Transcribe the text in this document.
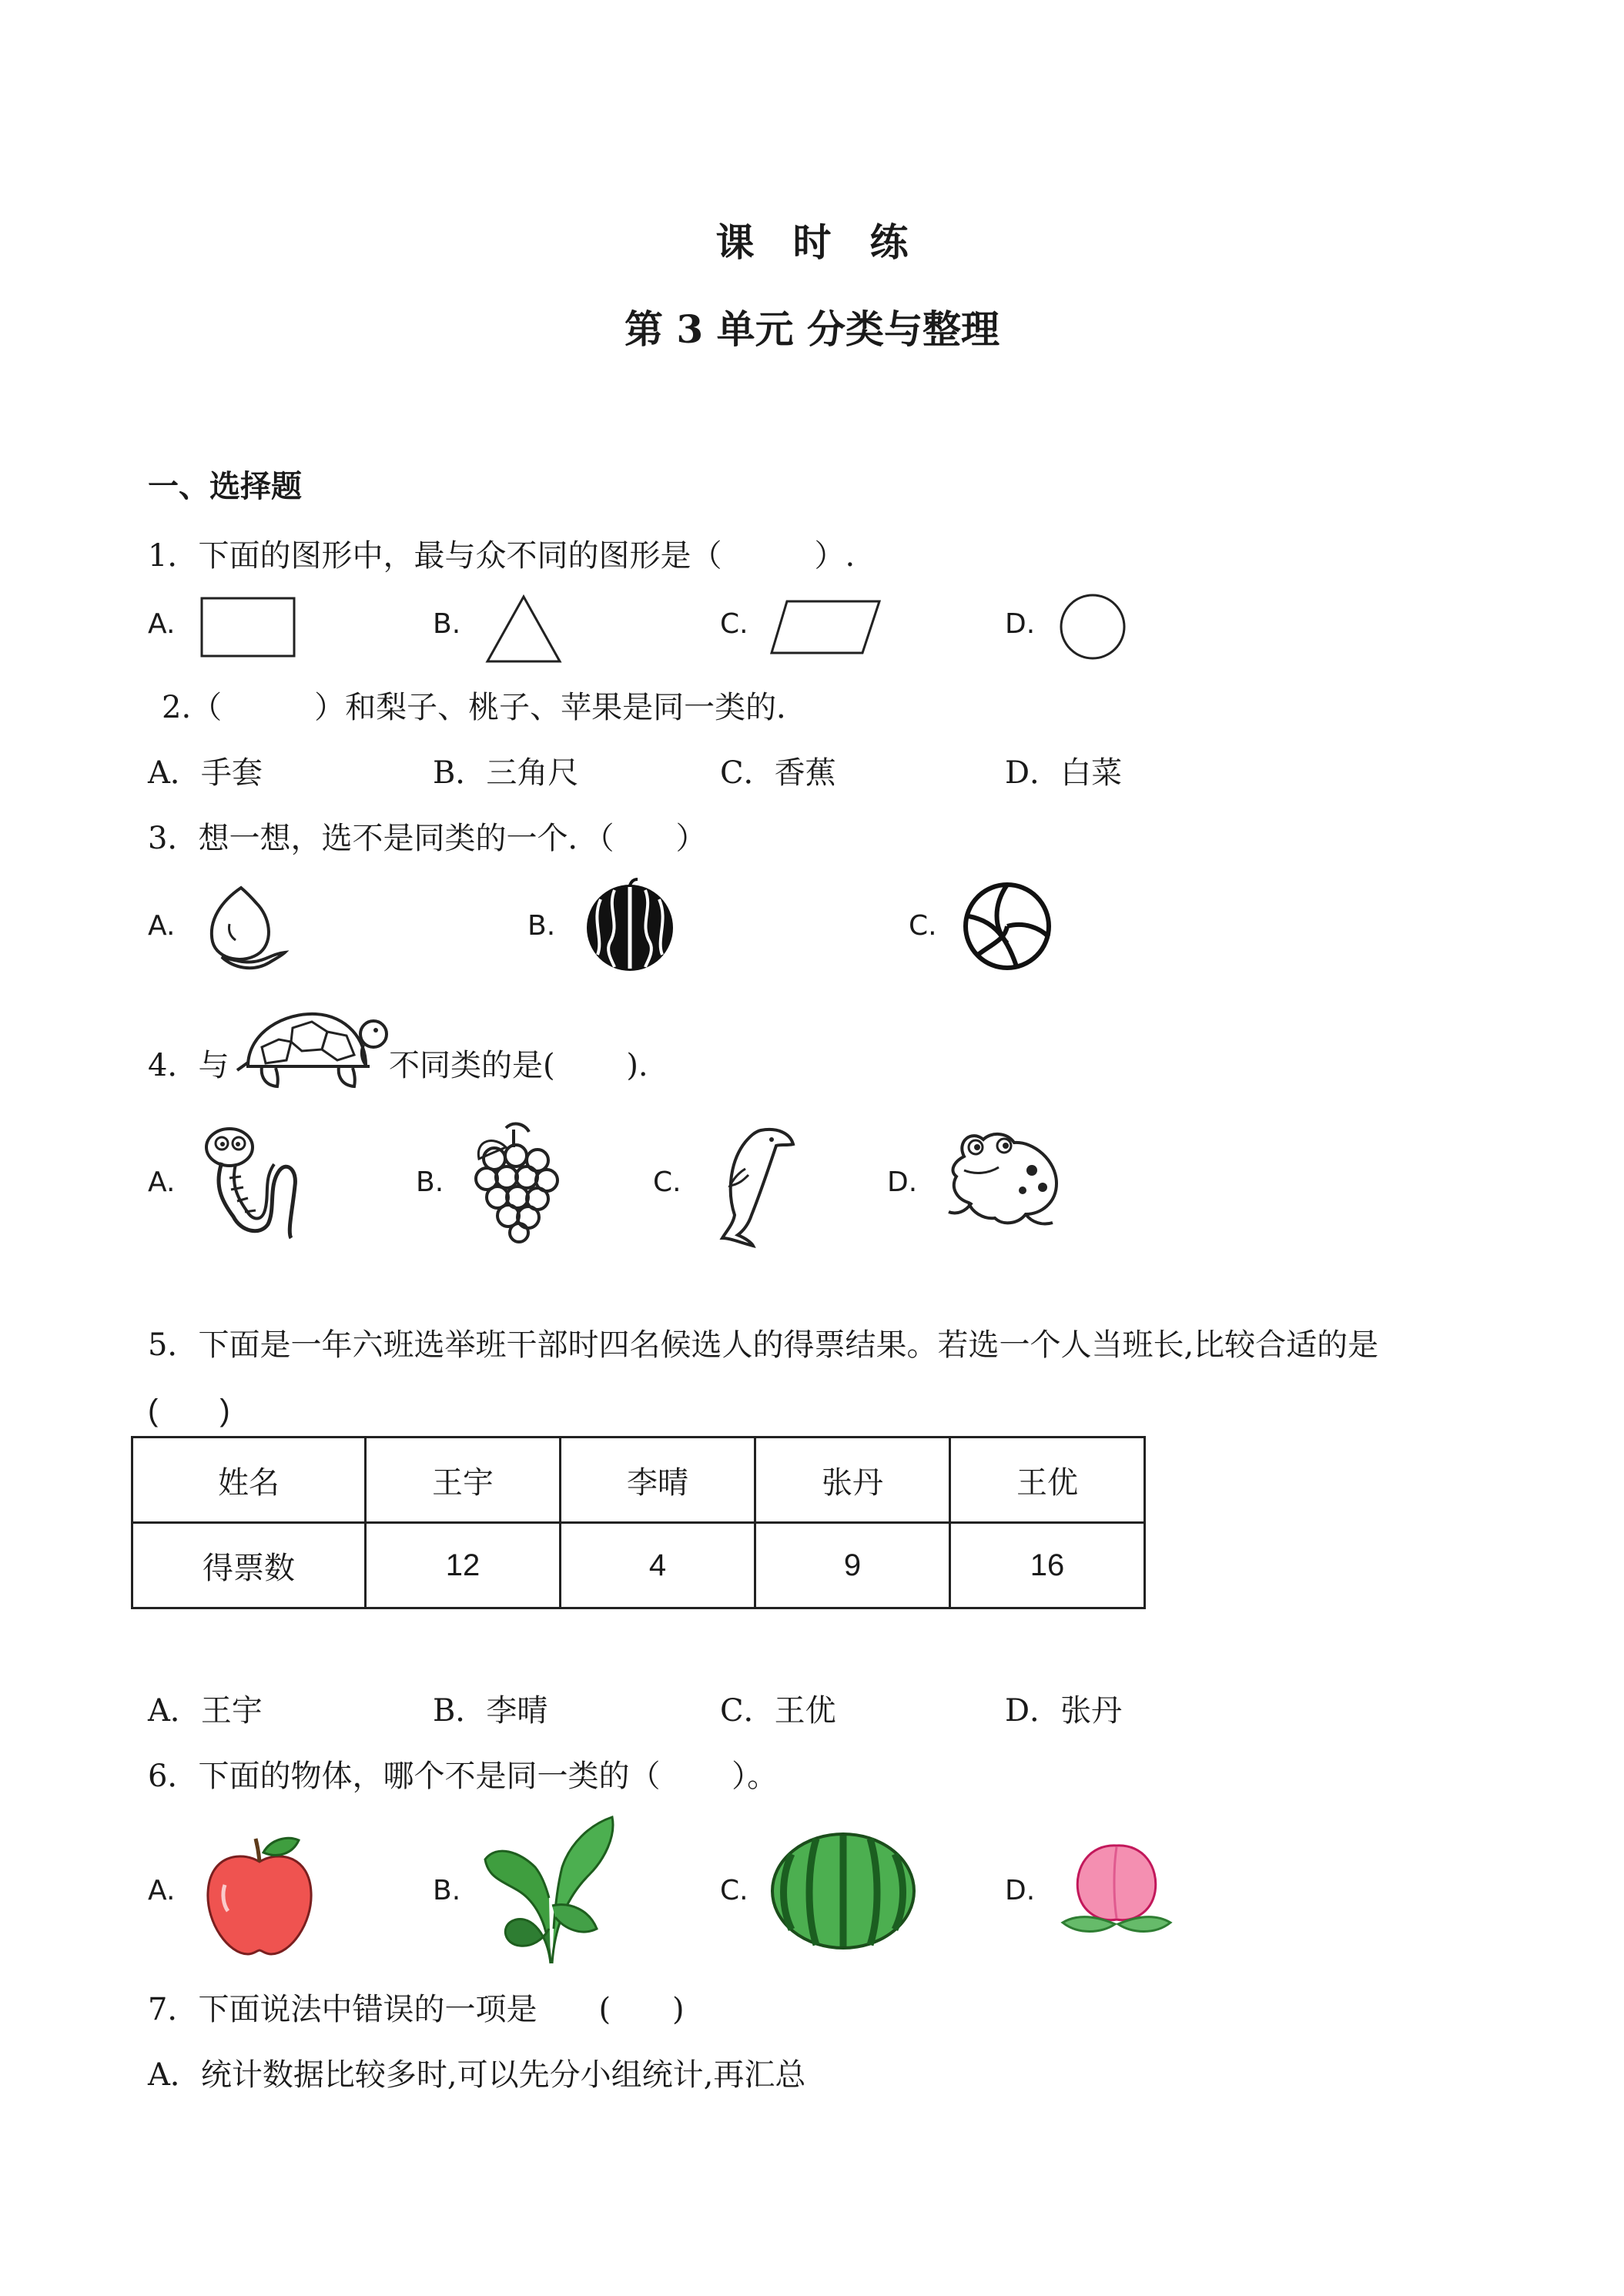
课　时　练
第 3 单元 分类与整理
一、选择题
1．下面的图形中，最与众不同的图形是（　　　）.
A.	B.	C.	D.
2.（　　　）和梨子、桃子、苹果是同一类的．
A．手套	B．三角尺	C．香蕉	D．白菜
3．想一想，选不是同类的一个．（　　）
A.	B.	C.
4．与	不同类的是(　　 ).
A.	B.	C.	D.
5．下面是一年六班选举班干部时四名候选人的得票结果。若选一个人当班长,比较合适的是
(　　)
姓名	王宇	李晴	张丹	王优
得票数	12	4	9	16
A．王宇	B．李晴	C．王优	D．张丹
6．下面的物体，哪个不是同一类的（　　 ）。
A.	B.	C.	D.
7．下面说法中错误的一项是　　(　　)
A．统计数据比较多时,可以先分小组统计,再汇总
